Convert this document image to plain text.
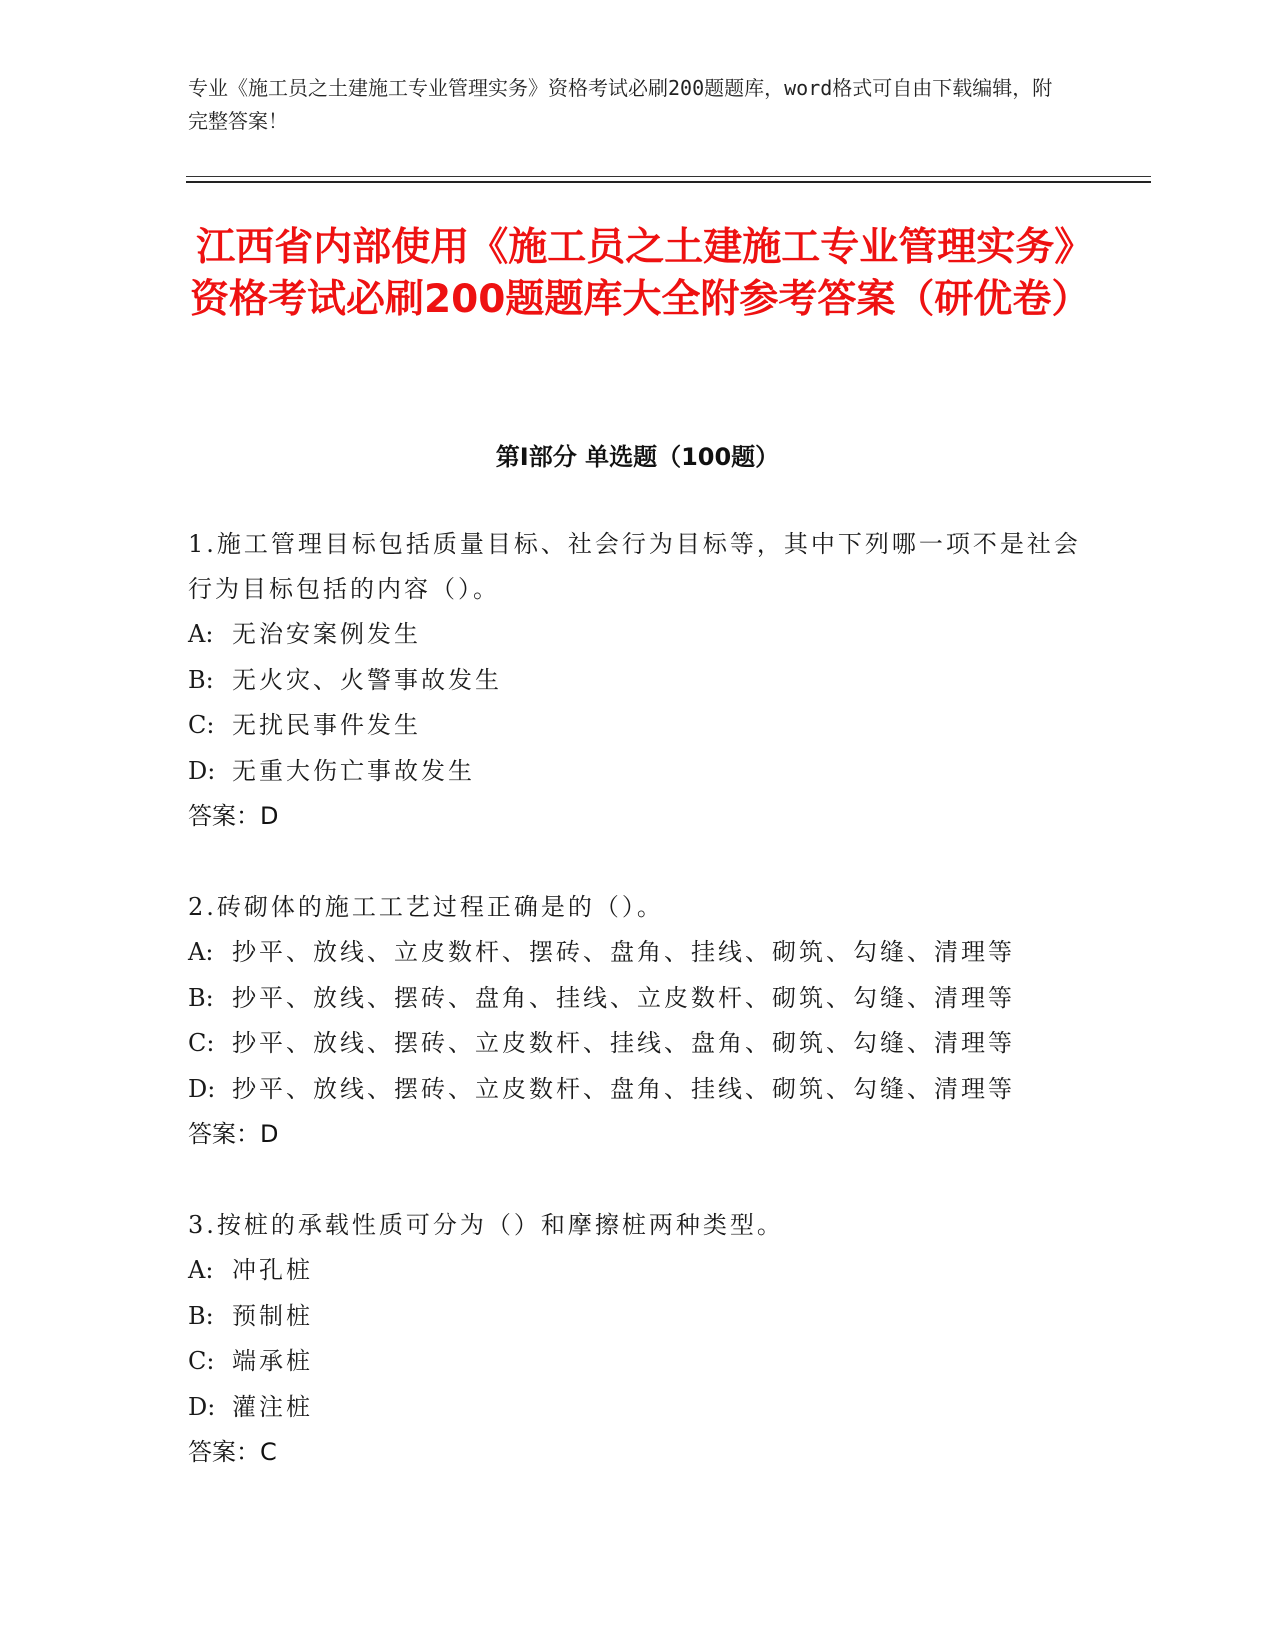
专业《施工员之土建施工专业管理实务》资格考试必刷200题题库，word格式可自由下载编辑，附完整答案！
江西省内部使用《施工员之土建施工专业管理实务》资格考试必刷200题题库大全附参考答案（研优卷）
第Ⅰ部分 单选题（100题）
1.施工管理目标包括质量目标、社会行为目标等，其中下列哪一项不是社会行为目标包括的内容（）。
A: 无治安案例发生
B: 无火灾、火警事故发生
C: 无扰民事件发生
D: 无重大伤亡事故发生
答案：D
2.砖砌体的施工工艺过程正确是的（）。
A: 抄平、放线、立皮数杆、摆砖、盘角、挂线、砌筑、勾缝、清理等
B: 抄平、放线、摆砖、盘角、挂线、立皮数杆、砌筑、勾缝、清理等
C: 抄平、放线、摆砖、立皮数杆、挂线、盘角、砌筑、勾缝、清理等
D: 抄平、放线、摆砖、立皮数杆、盘角、挂线、砌筑、勾缝、清理等
答案：D
3.按桩的承载性质可分为（）和摩擦桩两种类型。
A: 冲孔桩
B: 预制桩
C: 端承桩
D: 灌注桩
答案：C
